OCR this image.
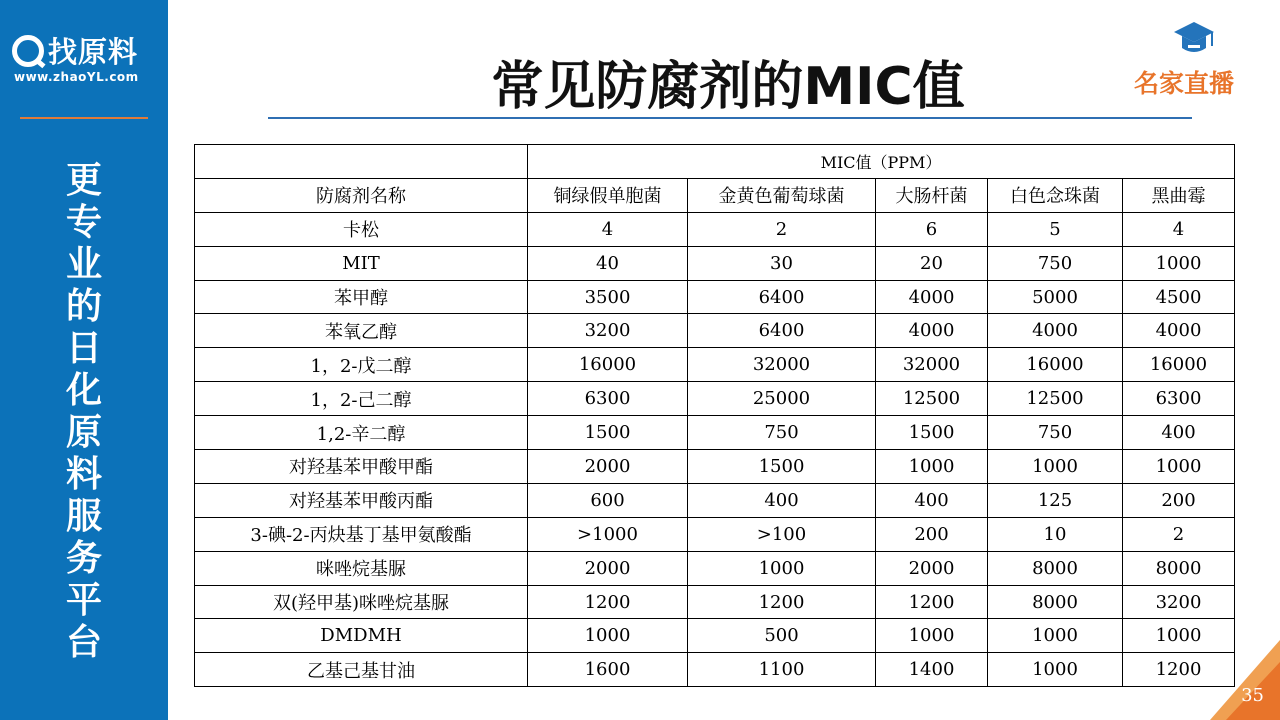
找原料
www.zhaoYL.com
更
专
业
的
日
化
原
料
服
务
平
台
常见防腐剂的MIC值	名家直播
	MIC值（PPM）				
防腐剂名称	铜绿假单胞菌	金黄色葡萄球菌	大肠杆菌	白色念珠菌	黑曲霉
卡松	4	2	6	5	4
MIT	40	30	20	750	1000
苯甲醇	3500	6400	4000	5000	4500
苯氧乙醇	3200	6400	4000	4000	4000
1，2-戊二醇	16000	32000	32000	16000	16000
1，2-己二醇	6300	25000	12500	12500	6300
1,2-辛二醇	1500	750	1500	750	400
对羟基苯甲酸甲酯	2000	1500	1000	1000	1000
对羟基苯甲酸丙酯	600	400	400	125	200
3-碘-2-丙炔基丁基甲氨酸酯	>1000	>100	200	10	2
咪唑烷基脲	2000	1000	2000	8000	8000
双(羟甲基)咪唑烷基脲	1200	1200	1200	8000	3200
DMDMH	1000	500	1000	1000	1000
乙基己基甘油	1600	1100	1400	1000	1200
35
